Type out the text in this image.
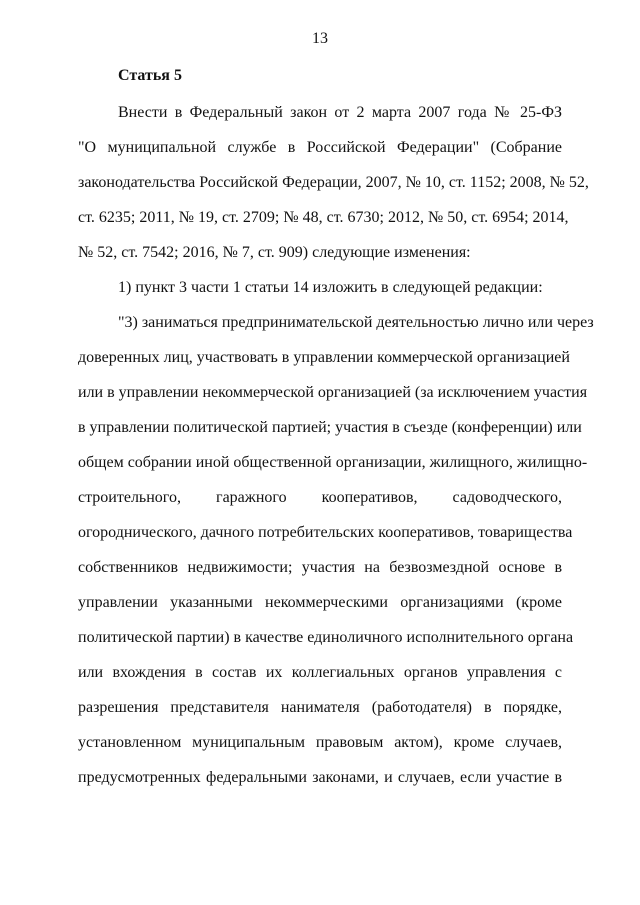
13
Статья 5
Внести в Федеральный закон от 2 марта 2007 года № 25-ФЗ
"О муниципальной службе в Российской Федерации" (Собрание
законодательства Российской Федерации, 2007, № 10, ст. 1152; 2008, № 52,
ст. 6235; 2011, № 19, ст. 2709; № 48, ст. 6730; 2012, № 50, ст. 6954; 2014,
№ 52, ст. 7542; 2016, № 7, ст. 909) следующие изменения:
1) пункт 3 части 1 статьи 14 изложить в следующей редакции:
"3) заниматься предпринимательской деятельностью лично или через
доверенных лиц, участвовать в управлении коммерческой организацией
или в управлении некоммерческой организацией (за исключением участия
в управлении политической партией; участия в съезде (конференции) или
общем собрании иной общественной организации, жилищного, жилищно-
строительного, гаражного кооперативов, садоводческого,
огороднического, дачного потребительских кооперативов, товарищества
собственников недвижимости; участия на безвозмездной основе в
управлении указанными некоммерческими организациями (кроме
политической партии) в качестве единоличного исполнительного органа
или вхождения в состав их коллегиальных органов управления с
разрешения представителя нанимателя (работодателя) в порядке,
установленном муниципальным правовым актом), кроме случаев,
предусмотренных федеральными законами, и случаев, если участие в
